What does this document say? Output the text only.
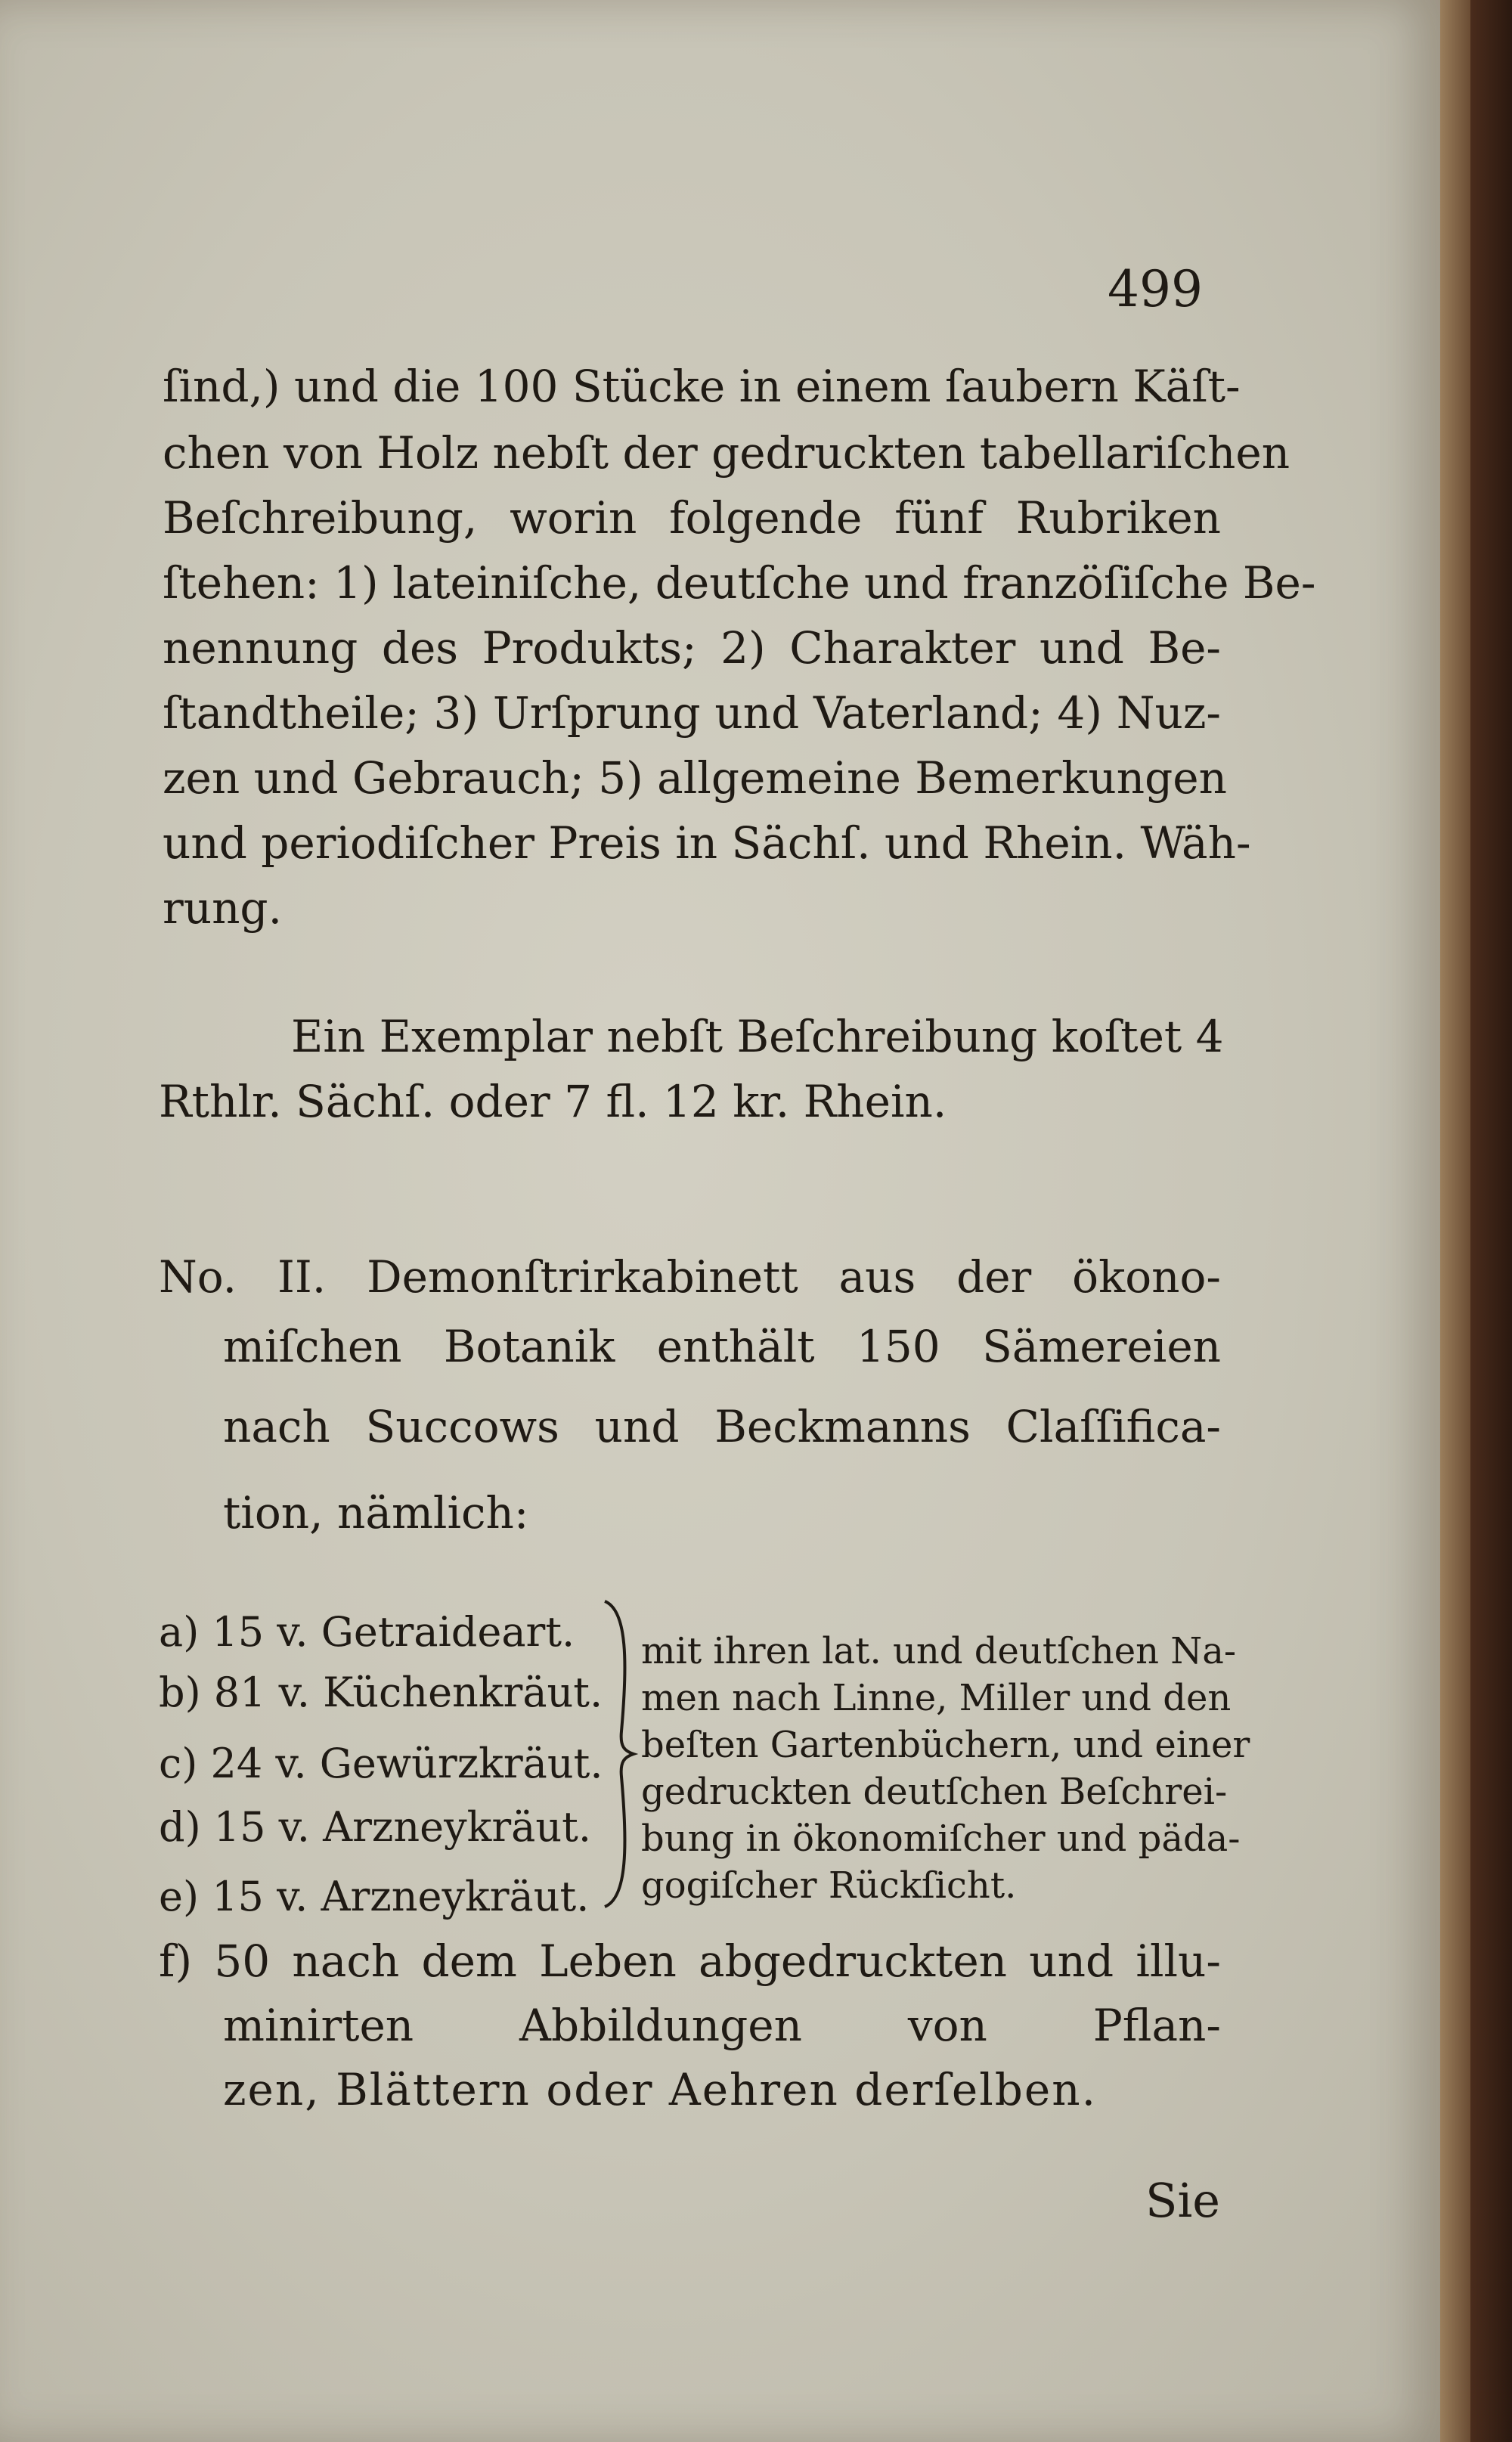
499
ſind,) und die 100 Stücke in einem ſaubern Käſt-
chen von Holz nebſt der gedruckten tabellariſchen
Beſchreibung, worin folgende fünf Rubriken
ſtehen: 1) lateiniſche, deutſche und franzöſiſche Be-
nennung des Produkts; 2) Charakter und Be-
ſtandtheile; 3) Urſprung und Vaterland; 4) Nuz-
zen und Gebrauch; 5) allgemeine Bemerkungen
und periodiſcher Preis in Sächſ. und Rhein. Wäh-
rung.
Ein Exemplar nebſt Beſchreibung koſtet 4
Rthlr. Sächſ. oder 7 fl. 12 kr. Rhein.
No. II. Demonſtrirkabinett aus der ökono-
miſchen Botanik enthält 150 Sämereien
nach Succows und Beckmanns Claſſifica-
tion, nämlich:
a) 15 v. Getraideart.
b) 81 v. Küchenkräut.
c) 24 v. Gewürzkräut.
d) 15 v. Arzneykräut.
e) 15 v. Arzneykräut.
mit ihren lat. und deutſchen Na-
men nach Linne, Miller und den
beſten Gartenbüchern, und einer
gedruckten deutſchen Beſchrei-
bung in ökonomiſcher und päda-
gogiſcher Rückſicht.
f) 50 nach dem Leben abgedruckten und illu-
minirten Abbildungen von Pflan-
zen, Blättern oder Aehren derſelben.
Sie
